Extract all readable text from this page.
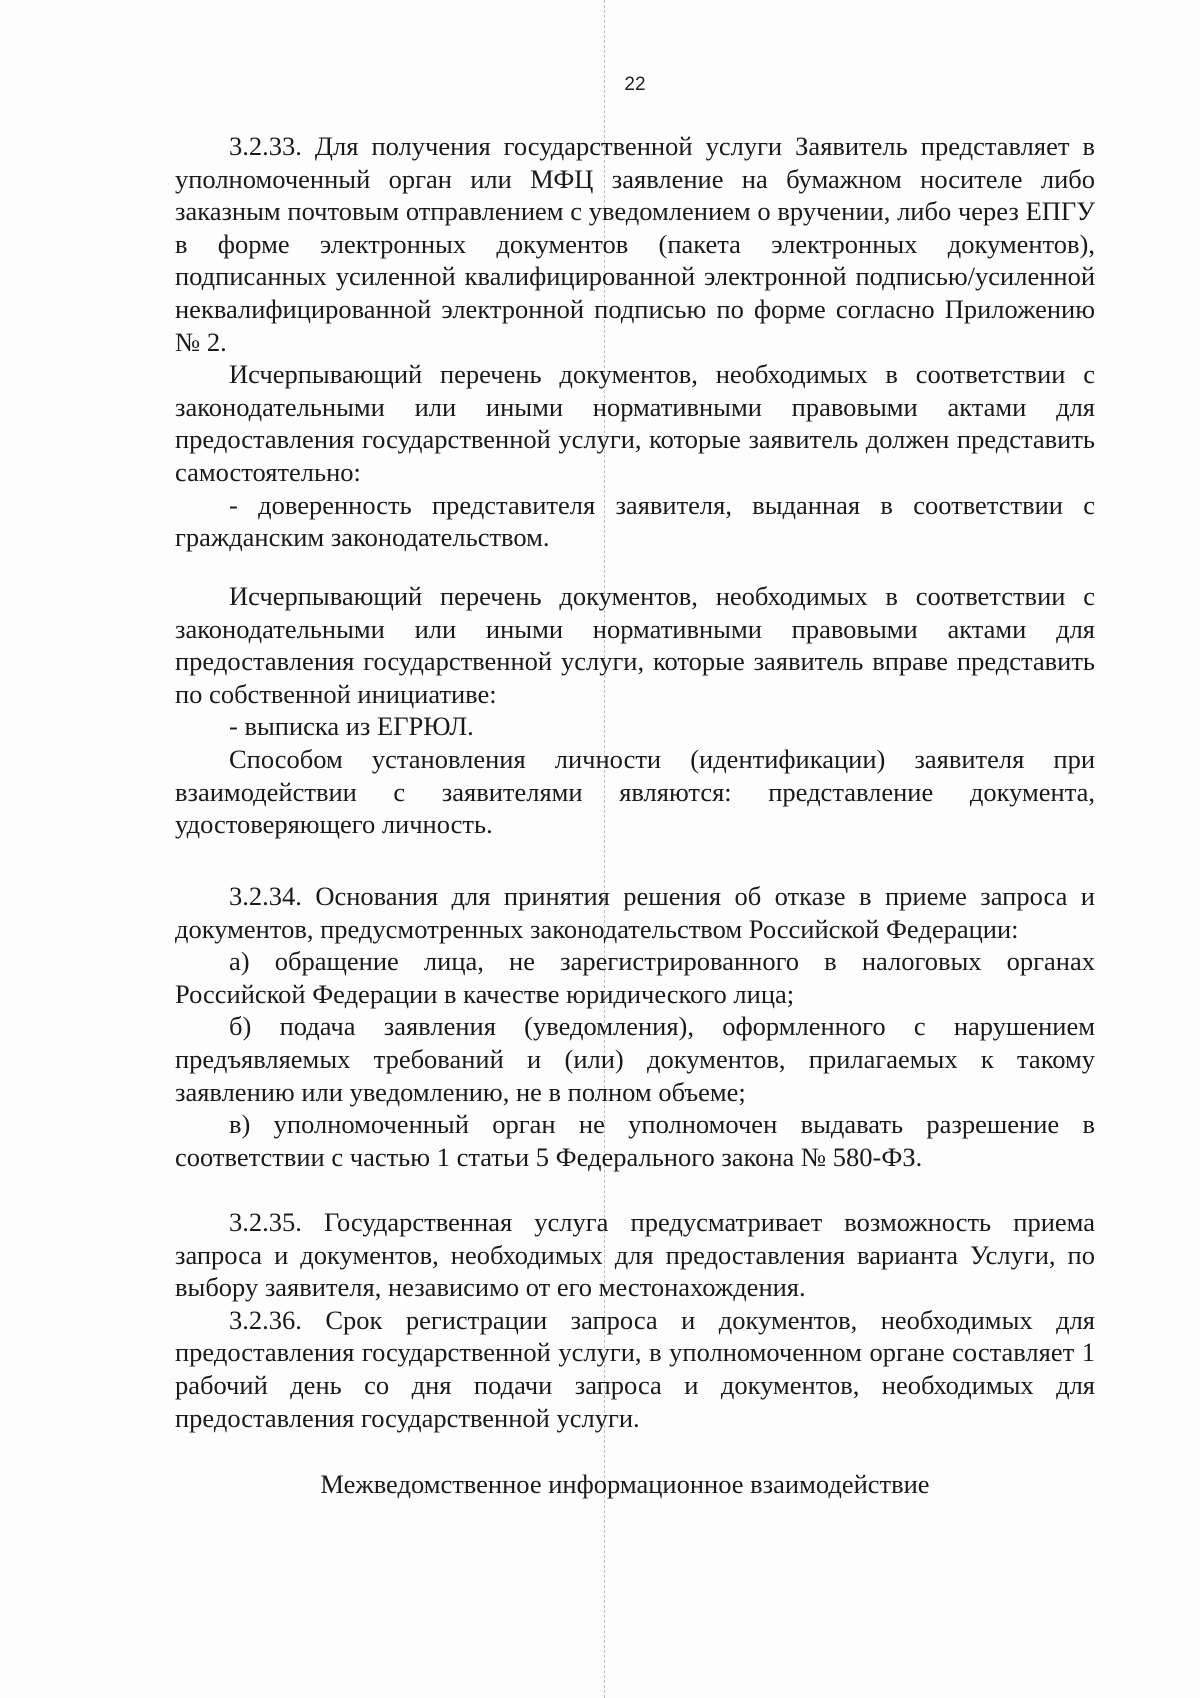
22

3.2.33. Для получения государственной услуги Заявитель представляет в уполномоченный орган или МФЦ заявление на бумажном носителе либо заказным почтовым отправлением с уведомлением о вручении, либо через ЕПГУ в форме электронных документов (пакета электронных документов), подписанных усиленной квалифицированной электронной подписью/усиленной неквалифицированной электронной подписью по форме согласно Приложению № 2.

Исчерпывающий перечень документов, необходимых в соответствии с законодательными или иными нормативными правовыми актами для предоставления государственной услуги, которые заявитель должен представить самостоятельно:

- доверенность представителя заявителя, выданная в соответствии с гражданским законодательством.

Исчерпывающий перечень документов, необходимых в соответствии с законодательными или иными нормативными правовыми актами для предоставления государственной услуги, которые заявитель вправе представить по собственной инициативе:

- выписка из ЕГРЮЛ.

Способом установления личности (идентификации) заявителя при взаимодействии с заявителями являются: представление документа, удостоверяющего личность.

3.2.34. Основания для принятия решения об отказе в приеме запроса и документов, предусмотренных законодательством Российской Федерации:

а) обращение лица, не зарегистрированного в налоговых органах Российской Федерации в качестве юридического лица;

б) подача заявления (уведомления), оформленного с нарушением предъявляемых требований и (или) документов, прилагаемых к такому заявлению или уведомлению, не в полном объеме;

в) уполномоченный орган не уполномочен выдавать разрешение в соответствии с частью 1 статьи 5 Федерального закона № 580-ФЗ.

3.2.35. Государственная услуга предусматривает возможность приема запроса и документов, необходимых для предоставления варианта Услуги, по выбору заявителя, независимо от его местонахождения.

3.2.36. Срок регистрации запроса и документов, необходимых для предоставления государственной услуги, в уполномоченном органе составляет 1 рабочий день со дня подачи запроса и документов, необходимых для предоставления государственной услуги.

Межведомственное информационное взаимодействие
